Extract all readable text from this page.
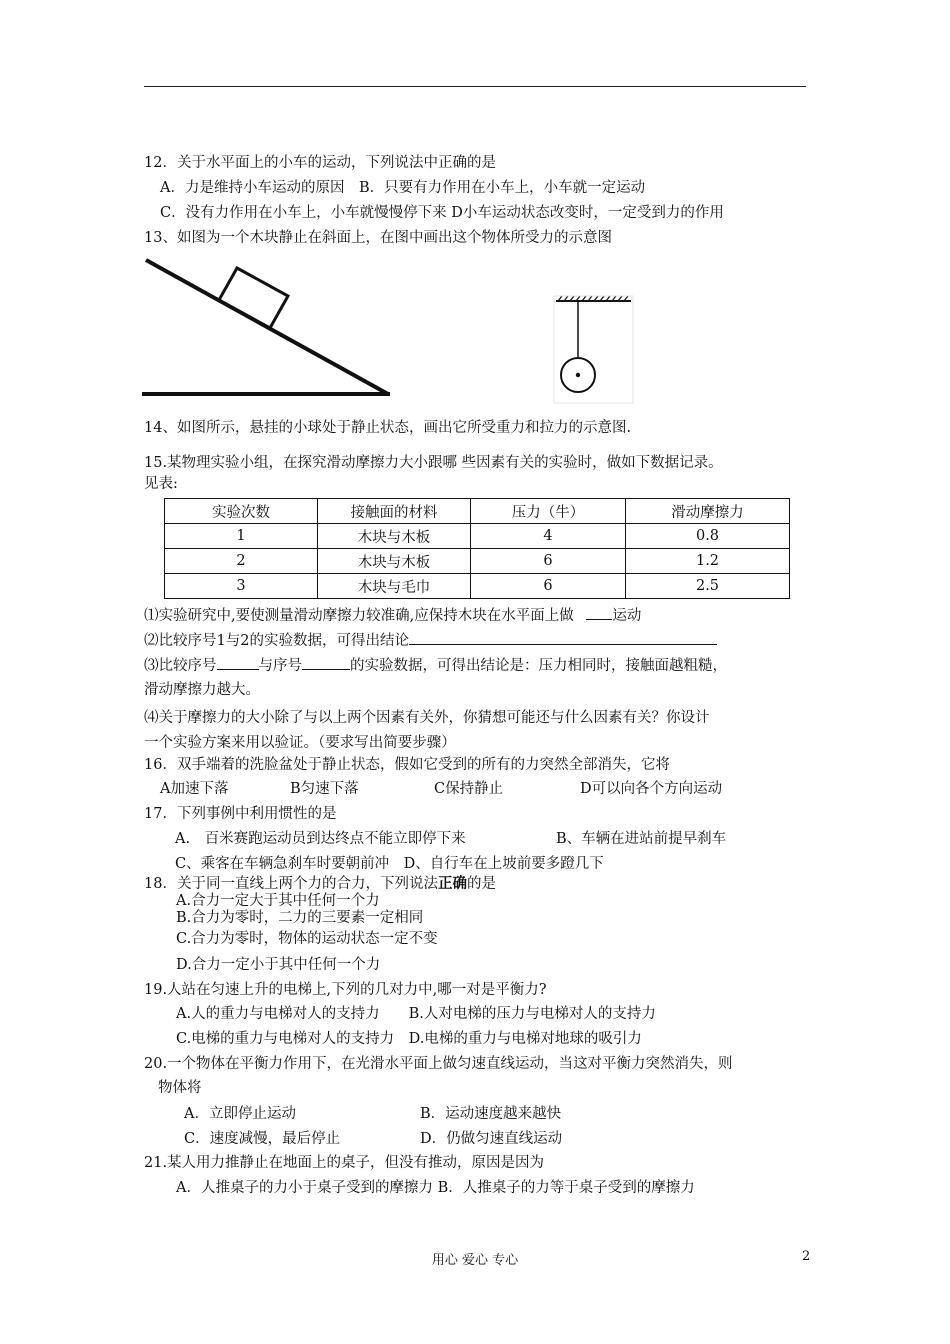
12．关于水平面上的小车的运动，下列说法中正确的是
A．力是维持小车运动的原因　B．只要有力作用在小车上，小车就一定运动
C．没有力作用在小车上，小车就慢慢停下来 D小车运动状态改变时，一定受到力的作用
13、如图为一个木块静止在斜面上，在图中画出这个物体所受力的示意图
14、如图所示，悬挂的小球处于静止状态，画出它所受重力和拉力的示意图.
15.某物理实验小组，在探究滑动摩擦力大小跟哪 些因素有关的实验时，做如下数据记录。
见表:
实验次数	接触面的材料	压力（牛）	滑动摩擦力
1	木块与木板	4	0.8
2	木块与木板	6	1.2
3	木块与毛巾	6	2.5
⑴实验研究中,要使测量滑动摩擦力较准确,应保持木块在水平面上做	运动
⑵比较序号1与2的实验数据，可得出结论
⑶比较序号	与序号	的实验数据，可得出结论是：压力相同时，接触面越粗糙，
滑动摩擦力越大。
⑷关于摩擦力的大小除了与以上两个因素有关外，你猜想可能还与什么因素有关？你设计
一个实验方案来用以验证。（要求写出简要步骤）
16．双手端着的洗脸盆处于静止状态，假如它受到的所有的力突然全部消失，它将
A加速下落	B匀速下落	C保持静止	D可以向各个方向运动
17．下列事例中利用惯性的是
A.　百米赛跑运动员到达终点不能立即停下来	B、车辆在进站前提早刹车
C、乘客在车辆急刹车时要朝前冲　D、自行车在上坡前要多蹬几下
18．关于同一直线上两个力的合力，下列说法正确的是
A.合力一定大于其中任何一个力
B.合力为零时，二力的三要素一定相同
C.合力为零时，物体的运动状态一定不变
D.合力一定小于其中任何一个力
19.人站在匀速上升的电梯上,下列的几对力中,哪一对是平衡力?
A.人的重力与电梯对人的支持力　　B.人对电梯的压力与电梯对人的支持力
C.电梯的重力与电梯对人的支持力　D.电梯的重力与电梯对地球的吸引力
20.一个物体在平衡力作用下，在光滑水平面上做匀速直线运动，当这对平衡力突然消失，则
物体将
A．立即停止运动	B．运动速度越来越快
C．速度减慢，最后停止	D．仍做匀速直线运动
21.某人用力推静止在地面上的桌子，但没有推动，原因是因为
A．人推桌子的力小于桌子受到的摩擦力 B．人推桌子的力等于桌子受到的摩擦力
用心 爱心 专心	2
